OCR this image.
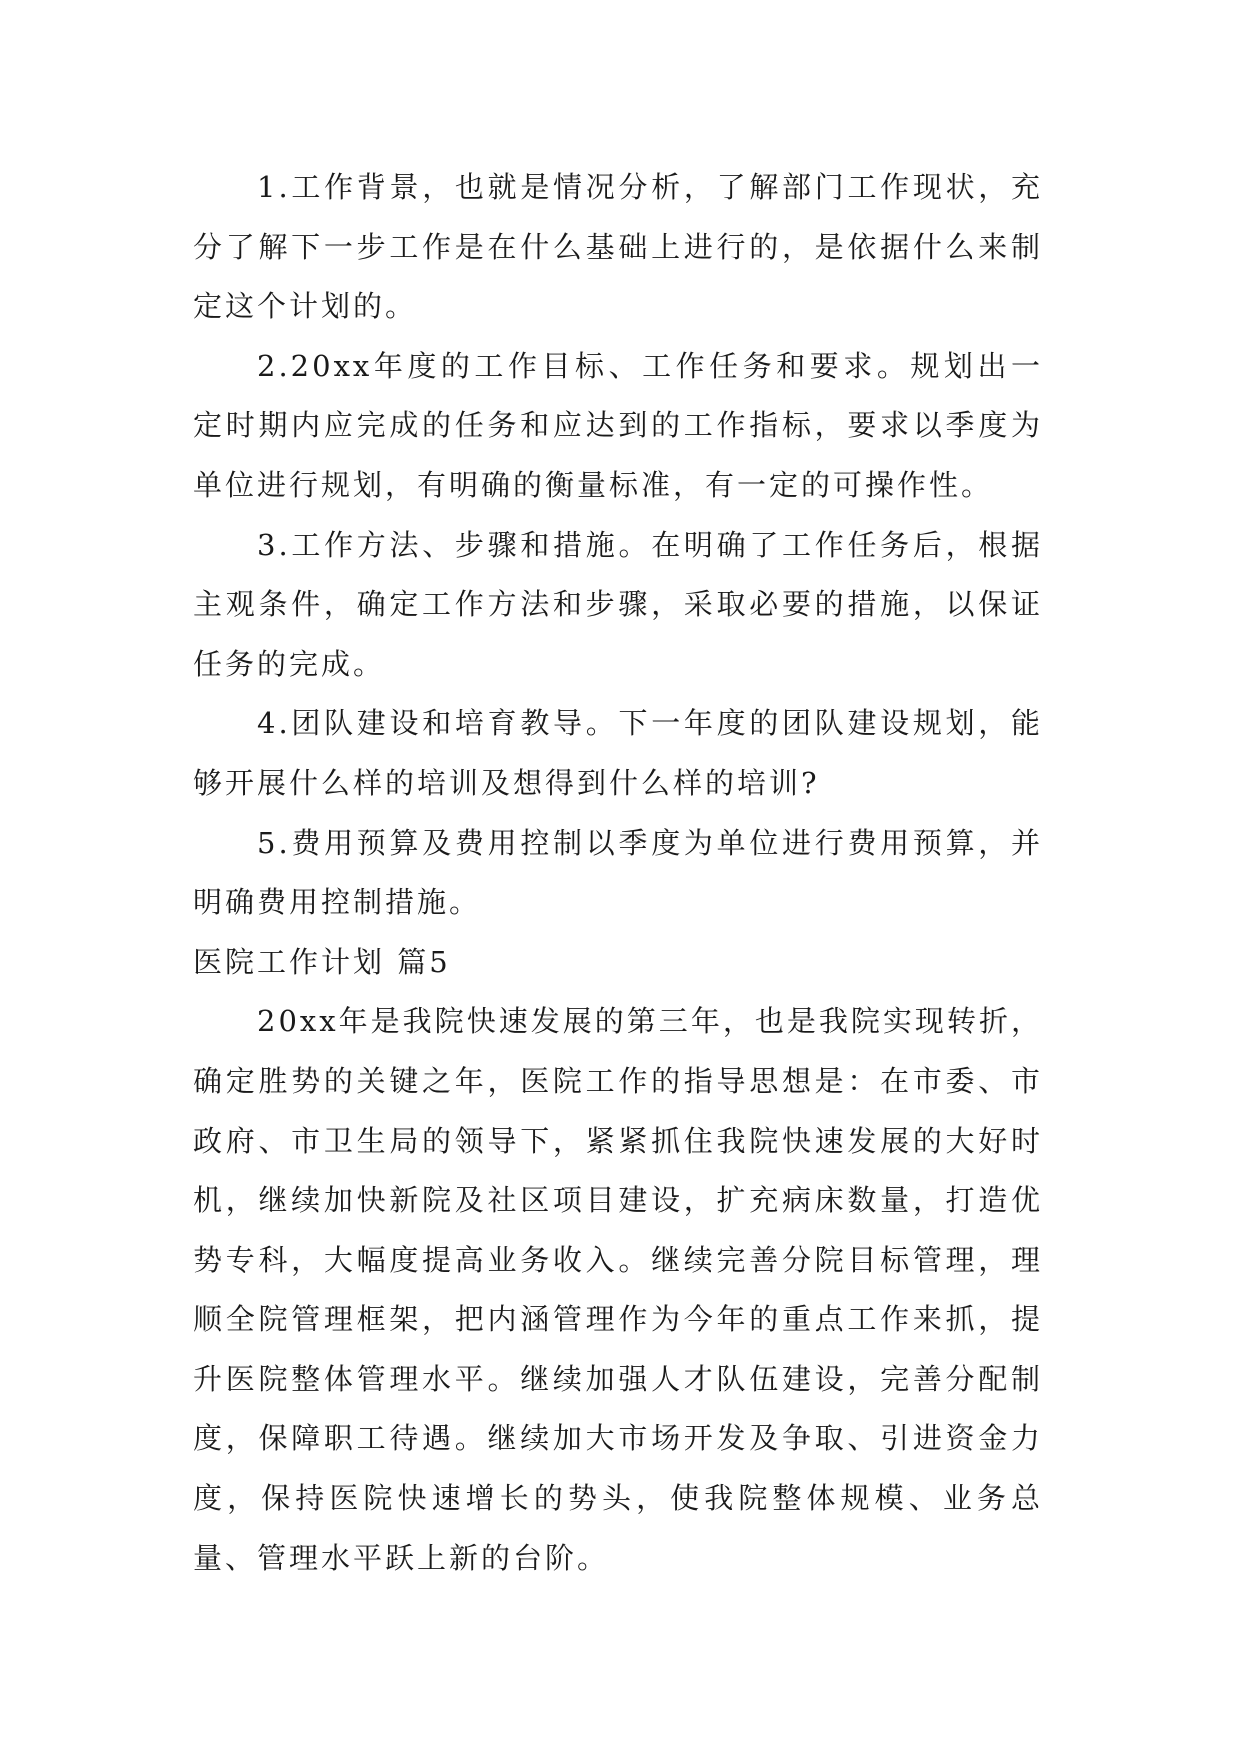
1.工作背景，也就是情况分析，了解部门工作现状，充分了解下一步工作是在什么基础上进行的，是依据什么来制定这个计划的。

2.20xx年度的工作目标、工作任务和要求。规划出一定时期内应完成的任务和应达到的工作指标，要求以季度为单位进行规划，有明确的衡量标准，有一定的可操作性。

3.工作方法、步骤和措施。在明确了工作任务后，根据主观条件，确定工作方法和步骤，采取必要的措施，以保证任务的完成。

4.团队建设和培育教导。下一年度的团队建设规划，能够开展什么样的培训及想得到什么样的培训?

5.费用预算及费用控制以季度为单位进行费用预算，并明确费用控制措施。

医院工作计划 篇5

20xx年是我院快速发展的第三年，也是我院实现转折，确定胜势的关键之年，医院工作的指导思想是：在市委、市政府、市卫生局的领导下，紧紧抓住我院快速发展的大好时机，继续加快新院及社区项目建设，扩充病床数量，打造优势专科，大幅度提高业务收入。继续完善分院目标管理，理顺全院管理框架，把内涵管理作为今年的重点工作来抓，提升医院整体管理水平。继续加强人才队伍建设，完善分配制度，保障职工待遇。继续加大市场开发及争取、引进资金力度，保持医院快速增长的势头，使我院整体规模、业务总量、管理水平跃上新的台阶。
